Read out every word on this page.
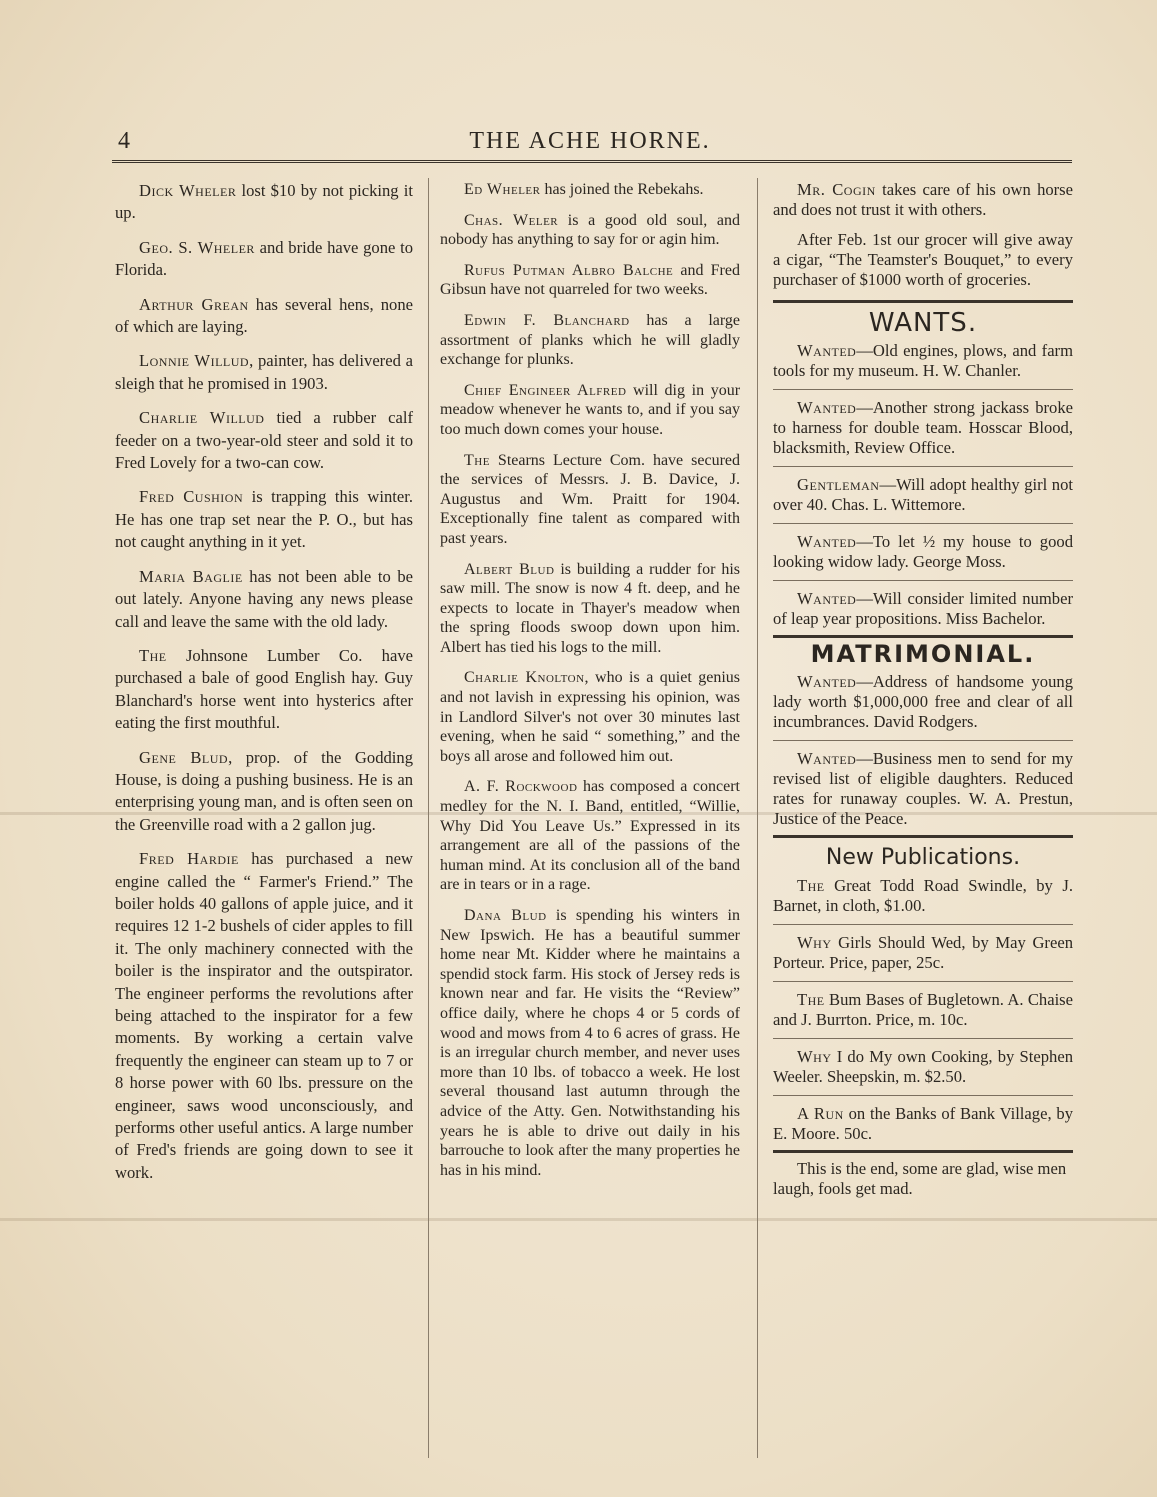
4	THE ACHE HORNE.

Dick Wheler lost $10 by not picking it up.

Geo. S. Wheler and bride have gone to Florida.

Arthur Grean has several hens, none of which are laying.

Lonnie Willud, painter, has delivered a sleigh that he promised in 1903.

Charlie Willud tied a rubber calf feeder on a two-year-old steer and sold it to Fred Lovely for a two-can cow.

Fred Cushion is trapping this winter. He has one trap set near the P. O., but has not caught anything in it yet.

Maria Baglie has not been able to be out lately. Anyone having any news please call and leave the same with the old lady.

The Johnsone Lumber Co. have purchased a bale of good English hay. Guy Blanchard's horse went into hysterics after eating the first mouthful.

Gene Blud, prop. of the Godding House, is doing a pushing business. He is an enterprising young man, and is often seen on the Greenville road with a 2 gallon jug.

Fred Hardie has purchased a new engine called the “ Farmer's Friend.” The boiler holds 40 gallons of apple juice, and it requires 12 1-2 bushels of cider apples to fill it. The only machinery connected with the boiler is the inspirator and the outspirator. The engineer performs the revolutions after being attached to the inspirator for a few moments. By working a certain valve frequently the engineer can steam up to 7 or 8 horse power with 60 lbs. pressure on the engineer, saws wood unconsciously, and performs other useful antics. A large number of Fred's friends are going down to see it work.

Ed Wheler has joined the Rebekahs.

Chas. Weler is a good old soul, and nobody has anything to say for or agin him.

Rufus Putman Albro Balche and Fred Gibsun have not quarreled for two weeks.

Edwin F. Blanchard has a large assortment of planks which he will gladly exchange for plunks.

Chief Engineer Alfred will dig in your meadow whenever he wants to, and if you say too much down comes your house.

The Stearns Lecture Com. have secured the services of Messrs. J. B. Davice, J. Augustus and Wm. Praitt for 1904. Exceptionally fine talent as compared with past years.

Albert Blud is building a rudder for his saw mill. The snow is now 4 ft. deep, and he expects to locate in Thayer's meadow when the spring floods swoop down upon him. Albert has tied his logs to the mill.

Charlie Knolton, who is a quiet genius and not lavish in expressing his opinion, was in Landlord Silver's not over 30 minutes last evening, when he said “ something,” and the boys all arose and followed him out.

A. F. Rockwood has composed a concert medley for the N. I. Band, entitled, “Willie, Why Did You Leave Us.” Expressed in its arrangement are all of the passions of the human mind. At its conclusion all of the band are in tears or in a rage.

Dana Blud is spending his winters in New Ipswich. He has a beautiful summer home near Mt. Kidder where he maintains a spendid stock farm. His stock of Jersey reds is known near and far. He visits the “Review” office daily, where he chops 4 or 5 cords of wood and mows from 4 to 6 acres of grass. He is an irregular church member, and never uses more than 10 lbs. of tobacco a week. He lost several thousand last autumn through the advice of the Atty. Gen. Notwithstanding his years he is able to drive out daily in his barrouche to look after the many properties he has in his mind.

Mr. Cogin takes care of his own horse and does not trust it with others.

After Feb. 1st our grocer will give away a cigar, “The Teamster's Bouquet,” to every purchaser of $1000 worth of groceries.

WANTS.

Wanted—Old engines, plows, and farm tools for my museum. H. W. Chanler.

Wanted—Another strong jackass broke to harness for double team. Hosscar Blood, blacksmith, Review Office.

Gentleman—Will adopt healthy girl not over 40. Chas. L. Wittemore.

Wanted—To let ½ my house to good looking widow lady. George Moss.

Wanted—Will consider limited number of leap year propositions. Miss Bachelor.

MATRIMONIAL.

Wanted—Address of handsome young lady worth $1,000,000 free and clear of all incumbrances. David Rodgers.

Wanted—Business men to send for my revised list of eligible daughters. Reduced rates for runaway couples. W. A. Prestun, Justice of the Peace.

New Publications.

The Great Todd Road Swindle, by J. Barnet, in cloth, $1.00.

Why Girls Should Wed, by May Green Porteur. Price, paper, 25c.

The Bum Bases of Bugletown. A. Chaise and J. Burrton. Price, m. 10c.

Why I do My own Cooking, by Stephen Weeler. Sheepskin, m. $2.50.

A Run on the Banks of Bank Village, by E. Moore. 50c.

This is the end, some are glad, wise men laugh, fools get mad.
